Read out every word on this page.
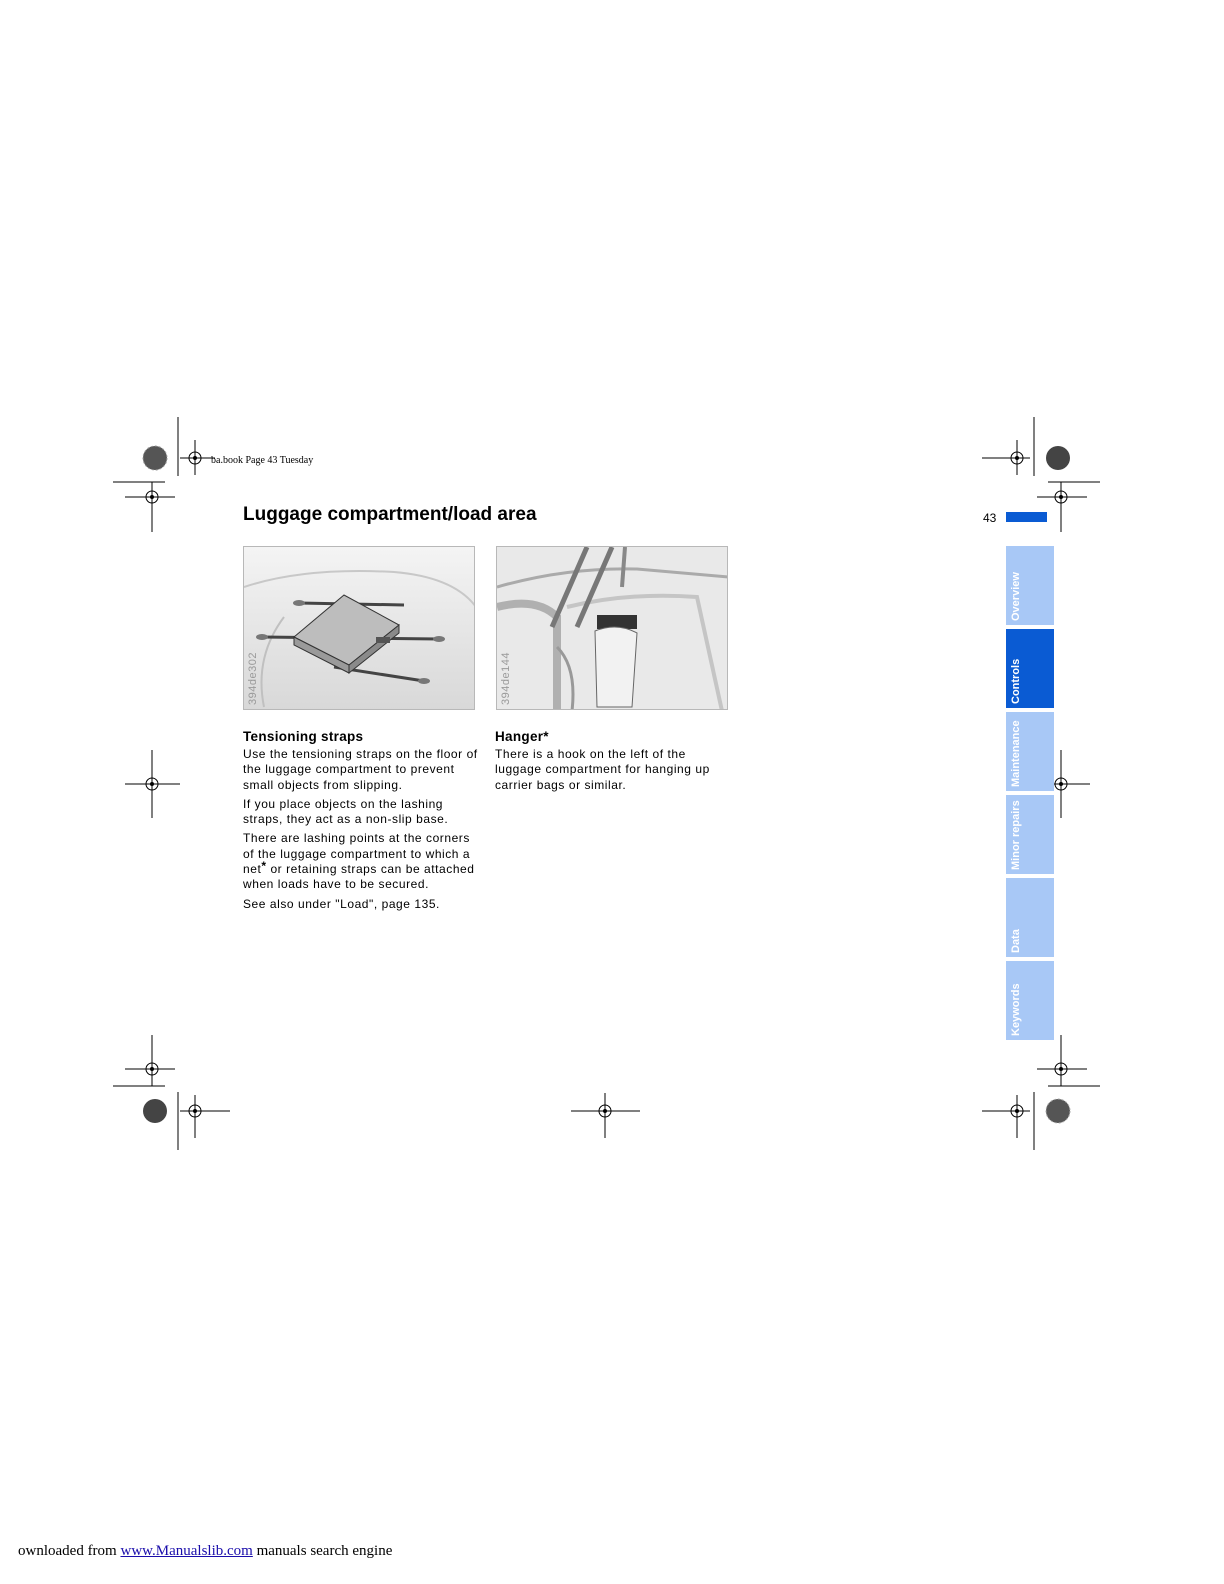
ba.book Page 43 Tuesday
Luggage compartment/load area	43
394de302	394de144
Tensioning straps

Use the tensioning straps on the floor of the luggage compartment to prevent small objects from slipping.

If you place objects on the lashing straps, they act as a non-slip base.

There are lashing points at the corners of the luggage compartment to which a net* or retaining straps can be attached when loads have to be secured.

See also under "Load", page 135.

Hanger*

There is a hook on the left of the luggage compartment for hanging up carrier bags or similar.

Overview
Controls
Maintenance
Minor repairs
Data
Keywords
ownloaded from www.Manualslib.com manuals search engine
